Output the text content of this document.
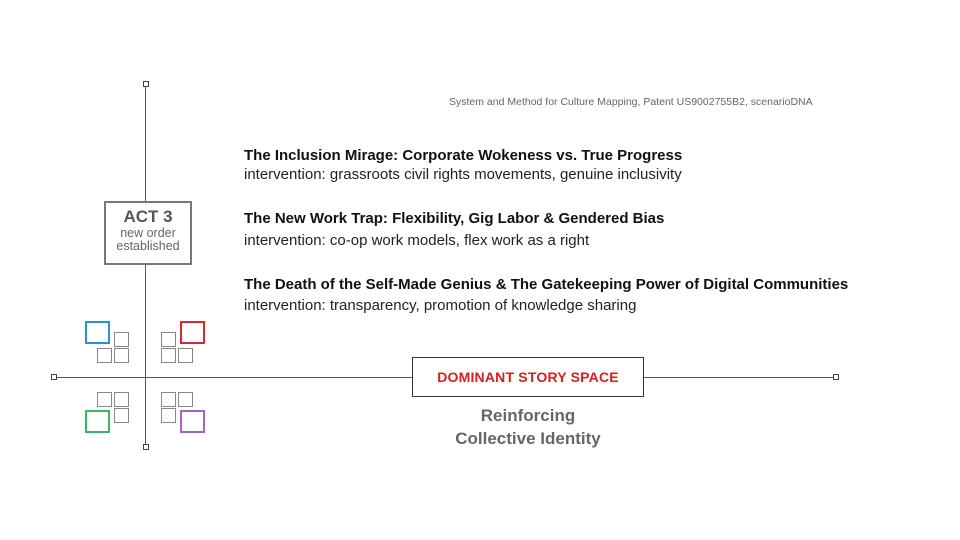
System and Method for Culture Mapping, Patent US9002755B2, scenarioDNA
ACT 3
new order
established
The Inclusion Mirage: Corporate Wokeness vs. True Progress
intervention: grassroots civil rights movements, genuine inclusivity
The New Work Trap: Flexibility, Gig Labor & Gendered Bias
intervention: co-op work models, flex work as a right
The Death of the Self-Made Genius & The Gatekeeping Power of Digital Communities
intervention: transparency, promotion of knowledge sharing
DOMINANT STORY SPACE
Reinforcing
Collective Identity
